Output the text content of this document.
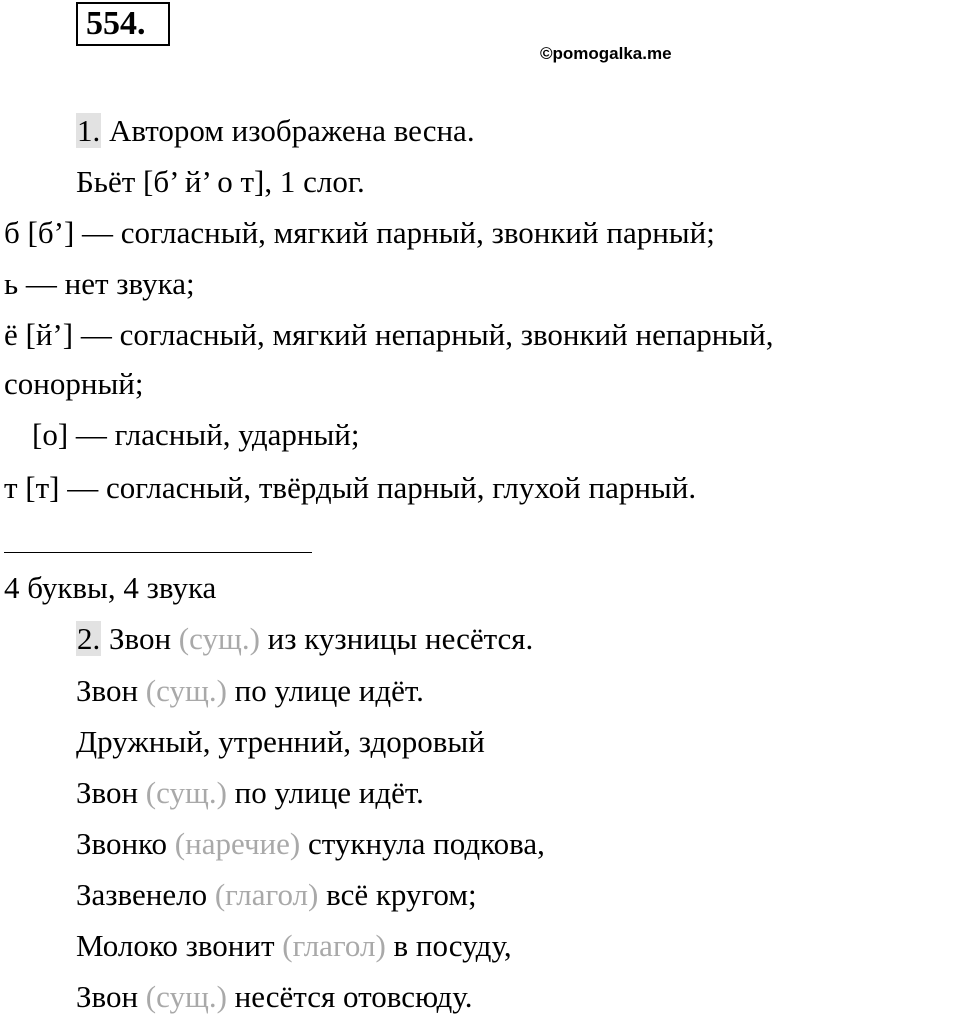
554.
©pomogalka.me
1. Автором изображена весна.
Бьёт [б’ й’ о т], 1 слог.
б [б’] — согласный, мягкий парный, звонкий парный;
ь — нет звука;
ё [й’] — согласный, мягкий непарный, звонкий непарный,
сонорный;
[о] — гласный, ударный;
т [т] — согласный, твёрдый парный, глухой парный.
4 буквы, 4 звука
2. Звон (сущ.) из кузницы несётся.
Звон (сущ.) по улице идёт.
Дружный, утренний, здоровый
Звон (сущ.) по улице идёт.
Звонко (наречие) стукнула подкова,
Зазвенело (глагол) всё кругом;
Молоко звонит (глагол) в посуду,
Звон (сущ.) несётся отовсюду.
